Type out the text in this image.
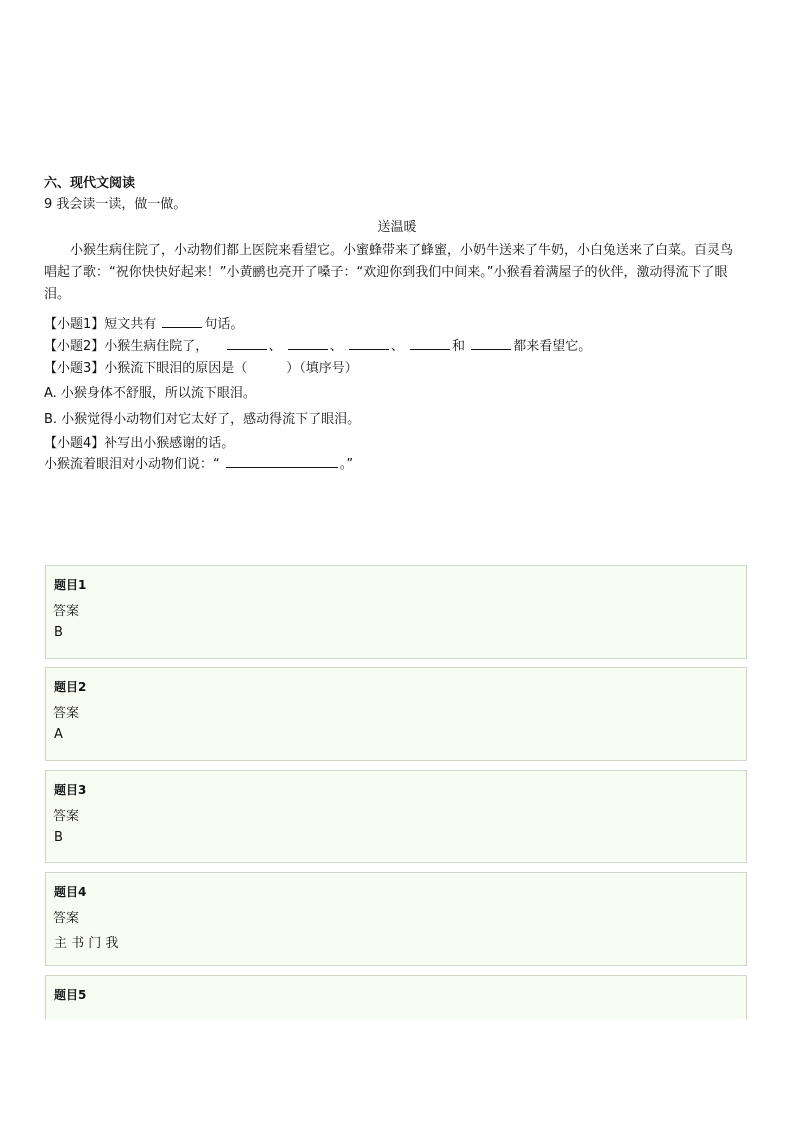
六、现代文阅读
9 我会读一读，做一做。
送温暖
小猴生病住院了，小动物们都上医院来看望它。小蜜蜂带来了蜂蜜，小奶牛送来了牛奶，小白兔送来了白菜。百灵鸟唱起了歌：“祝你快快好起来！”小黄鹂也亮开了嗓子：“欢迎你到我们中间来。”小猴看着满屋子的伙伴，激动得流下了眼泪。
【小题1】短文共有	句话。
【小题2】小猴生病住院了，	、	、	、	和	都来看望它。
【小题3】小猴流下眼泪的原因是（　　　）（填序号）
A. 小猴身体不舒服，所以流下眼泪。
B. 小猴觉得小动物们对它太好了，感动得流下了眼泪。
【小题4】补写出小猴感谢的话。
小猴流着眼泪对小动物们说：“	。”
题目1
答案
B
题目2
答案
A
题目3
答案
B
题目4
答案
主 书 门 我
题目5
